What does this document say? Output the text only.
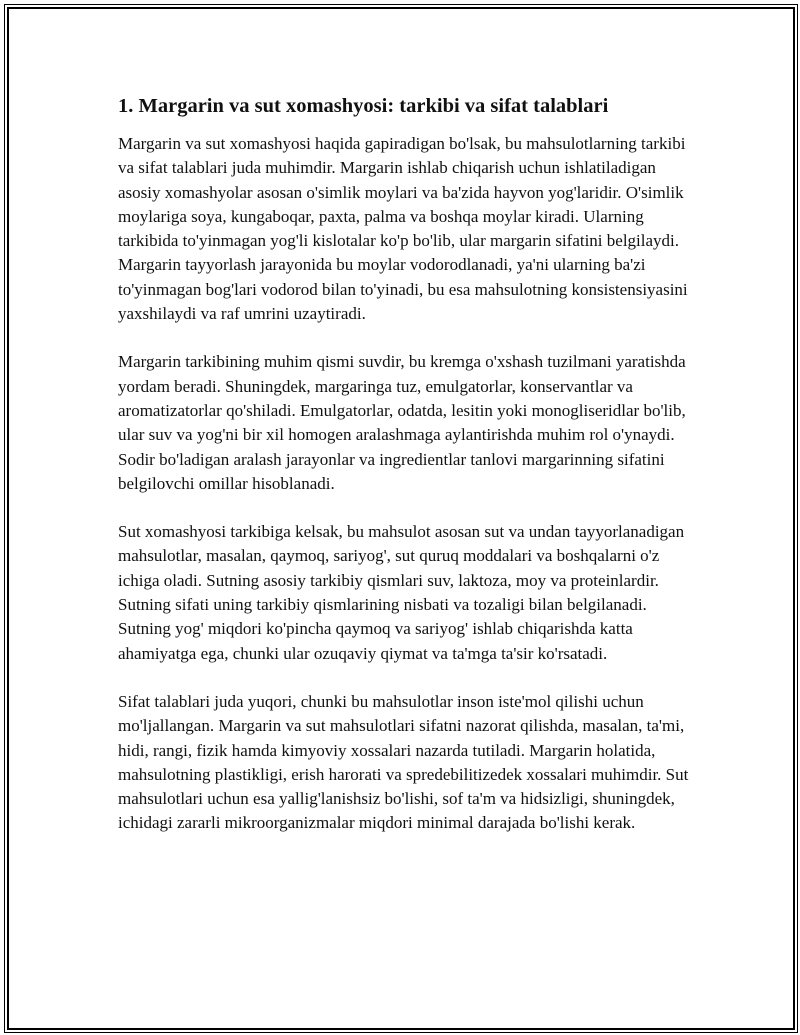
1. Margarin va sut xomashyosi: tarkibi va sifat talablari

Margarin va sut xomashyosi haqida gapiradigan bo'lsak, bu mahsulotlarning tarkibi va sifat talablari juda muhimdir. Margarin ishlab chiqarish uchun ishlatiladigan asosiy xomashyolar asosan o'simlik moylari va ba'zida hayvon yog'laridir. O'simlik moylariga soya, kungaboqar, paxta, palma va boshqa moylar kiradi. Ularning tarkibida to'yinmagan yog'li kislotalar ko'p bo'lib, ular margarin sifatini belgilaydi. Margarin tayyorlash jarayonida bu moylar vodorodlanadi, ya'ni ularning ba'zi to'yinmagan bog'lari vodorod bilan to'yinadi, bu esa mahsulotning konsistensiyasini yaxshilaydi va raf umrini uzaytiradi.

Margarin tarkibining muhim qismi suvdir, bu kremga o'xshash tuzilmani yaratishda yordam beradi. Shuningdek, margaringa tuz, emulgatorlar, konservantlar va aromatizatorlar qo'shiladi. Emulgatorlar, odatda, lesitin yoki monogliseridlar bo'lib, ular suv va yog'ni bir xil homogen aralashmaga aylantirishda muhim rol o'ynaydi. Sodir bo'ladigan aralash jarayonlar va ingredientlar tanlovi margarinning sifatini belgilovchi omillar hisoblanadi.

Sut xomashyosi tarkibiga kelsak, bu mahsulot asosan sut va undan tayyorlanadigan mahsulotlar, masalan, qaymoq, sariyog', sut quruq moddalari va boshqalarni o'z ichiga oladi. Sutning asosiy tarkibiy qismlari suv, laktoza, moy va proteinlardir. Sutning sifati uning tarkibiy qismlarining nisbati va tozaligi bilan belgilanadi. Sutning yog' miqdori ko'pincha qaymoq va sariyog' ishlab chiqarishda katta ahamiyatga ega, chunki ular ozuqaviy qiymat va ta'mga ta'sir ko'rsatadi.

Sifat talablari juda yuqori, chunki bu mahsulotlar inson iste'mol qilishi uchun mo'ljallangan. Margarin va sut mahsulotlari sifatni nazorat qilishda, masalan, ta'mi, hidi, rangi, fizik hamda kimyoviy xossalari nazarda tutiladi. Margarin holatida, mahsulotning plastikligi, erish harorati va spredebilitizedek xossalari muhimdir. Sut mahsulotlari uchun esa yallig'lanishsiz bo'lishi, sof ta'm va hidsizligi, shuningdek, ichidagi zararli mikroorganizmalar miqdori minimal darajada bo'lishi kerak.
